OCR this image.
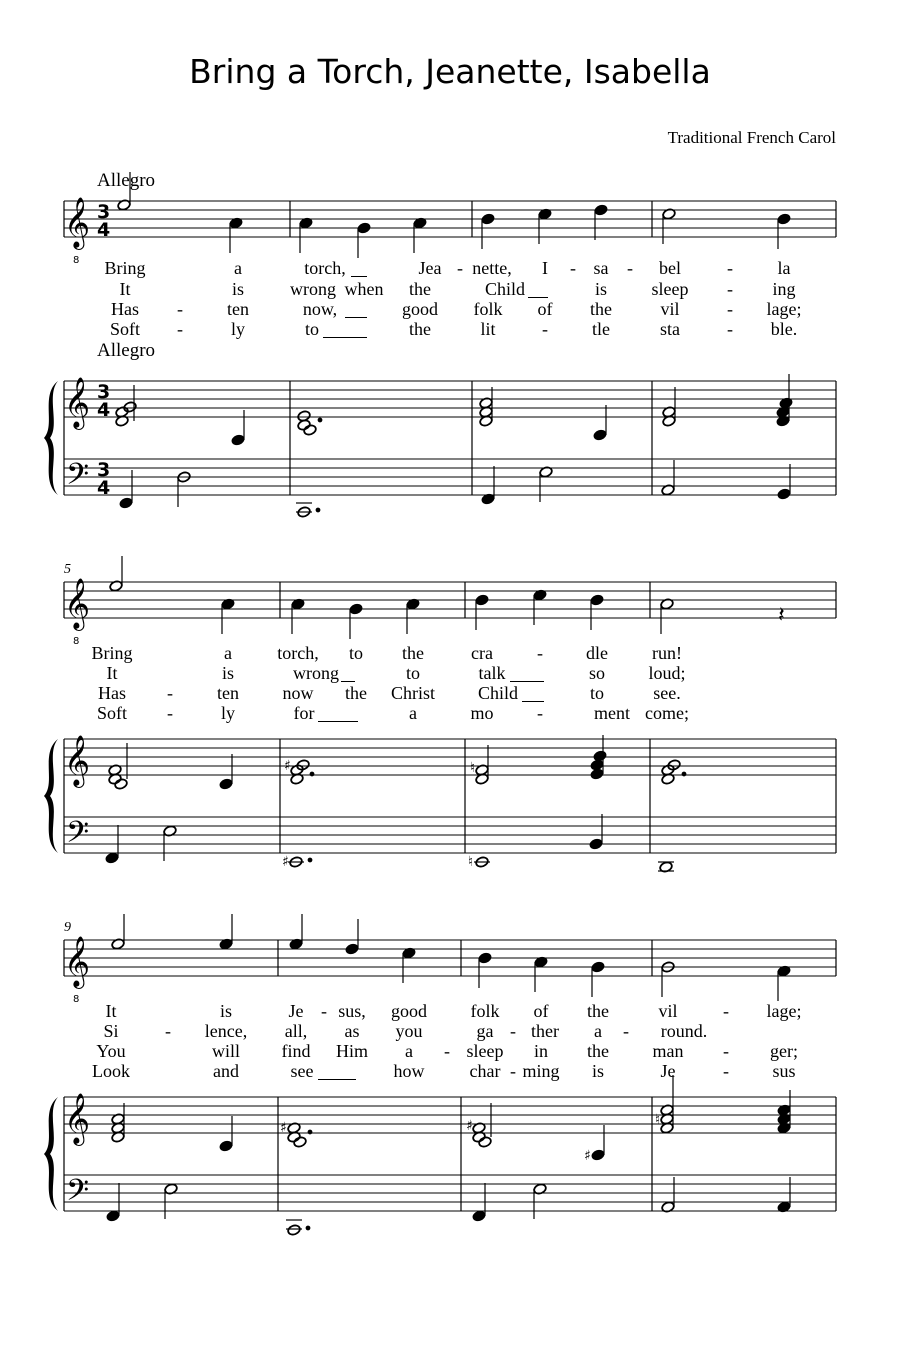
Bring a Torch, Jeanette, Isabella
Traditional French Carol
Allegro
Allegro
5
9
𝄞
8
𝄞
𝄢
𝄞
8
𝄞
𝄢
𝄞
8
𝄞
𝄢
3
4
3
4
3
4
𝄽
♯	♮
♯	♮
♯	♯
♯
♮
Bring	a	torch,	Jea - nette, I - sa - bel	- la
It	is	wrong when the	Child	is sleep - ing
Has - ten	now,	good folk of the	vil	- lage;
Soft -	ly	to	the	lit	- tle	sta	- ble.
Bring	a	torch, to the	cra - dle run!
It	is	wrong	to	talk	so loud;
Has - ten now the Christ Child	to	see.
Soft -	ly	for	a	mo -	ment come;
It	is	Je - sus, good folk of the	vil	- lage;
Si	- lence, all, as you	ga - ther a - round.
You	will find Him a - sleep in the man - ger;
Look	and	see	how	char - ming is	Je	- sus
